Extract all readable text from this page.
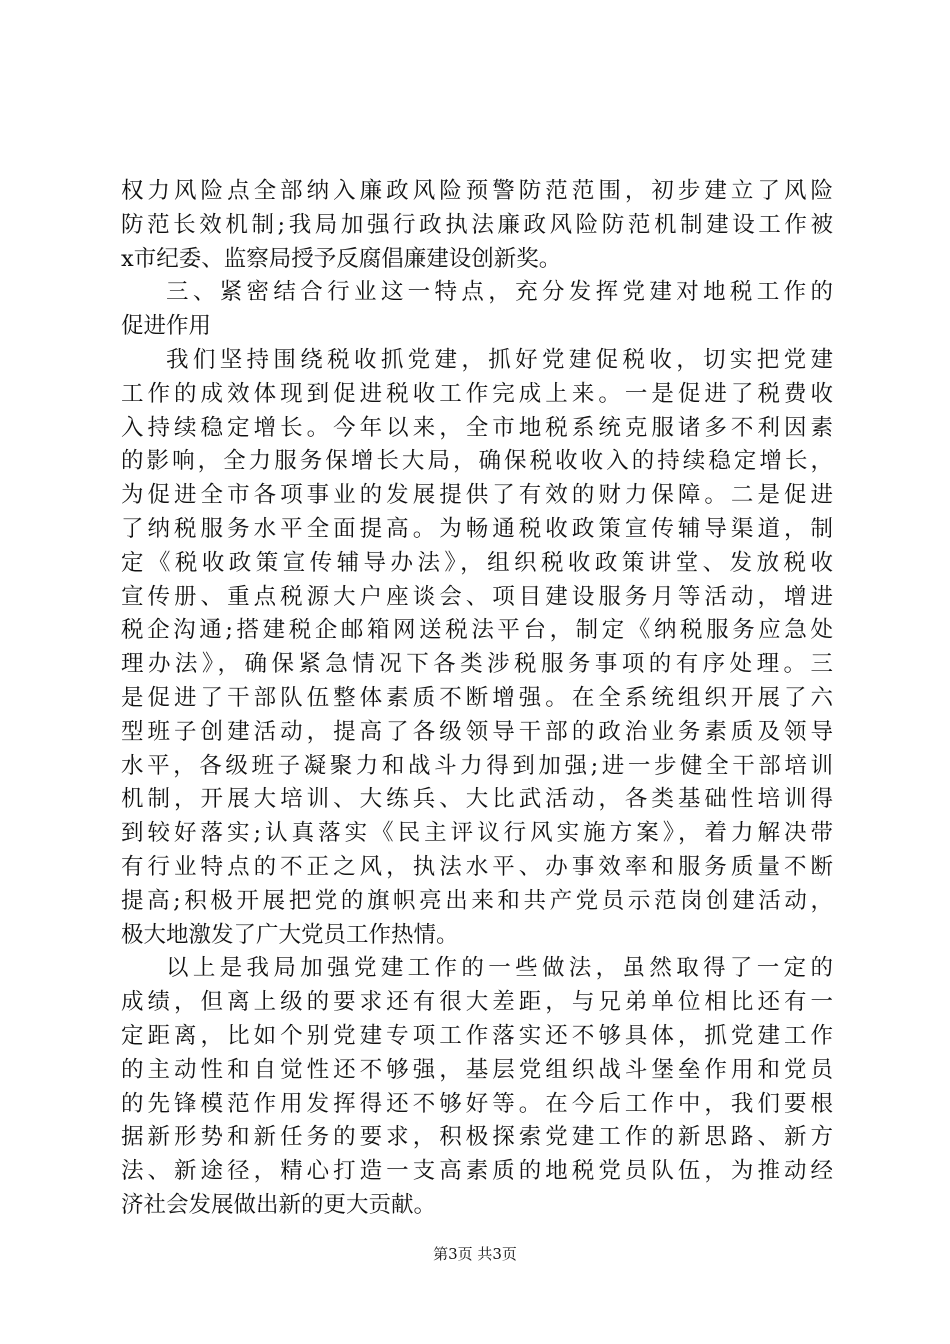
权力风险点全部纳入廉政风险预警防范范围，初步建立了风险
防范长效机制;我局加强行政执法廉政风险防范机制建设工作被
x市纪委、监察局授予反腐倡廉建设创新奖。
三、紧密结合行业这一特点，充分发挥党建对地税工作的
促进作用
我们坚持围绕税收抓党建，抓好党建促税收，切实把党建
工作的成效体现到促进税收工作完成上来。一是促进了税费收
入持续稳定增长。今年以来，全市地税系统克服诸多不利因素
的影响，全力服务保增长大局，确保税收收入的持续稳定增长，
为促进全市各项事业的发展提供了有效的财力保障。二是促进
了纳税服务水平全面提高。为畅通税收政策宣传辅导渠道，制
定《税收政策宣传辅导办法》，组织税收政策讲堂、发放税收
宣传册、重点税源大户座谈会、项目建设服务月等活动，增进
税企沟通;搭建税企邮箱网送税法平台，制定《纳税服务应急处
理办法》，确保紧急情况下各类涉税服务事项的有序处理。三
是促进了干部队伍整体素质不断增强。在全系统组织开展了六
型班子创建活动，提高了各级领导干部的政治业务素质及领导
水平，各级班子凝聚力和战斗力得到加强;进一步健全干部培训
机制，开展大培训、大练兵、大比武活动，各类基础性培训得
到较好落实;认真落实《民主评议行风实施方案》，着力解决带
有行业特点的不正之风，执法水平、办事效率和服务质量不断
提高;积极开展把党的旗帜亮出来和共产党员示范岗创建活动，
极大地激发了广大党员工作热情。
以上是我局加强党建工作的一些做法，虽然取得了一定的
成绩，但离上级的要求还有很大差距，与兄弟单位相比还有一
定距离，比如个别党建专项工作落实还不够具体，抓党建工作
的主动性和自觉性还不够强，基层党组织战斗堡垒作用和党员
的先锋模范作用发挥得还不够好等。在今后工作中，我们要根
据新形势和新任务的要求，积极探索党建工作的新思路、新方
法、新途径，精心打造一支高素质的地税党员队伍，为推动经
济社会发展做出新的更大贡献。
第3页 共3页
